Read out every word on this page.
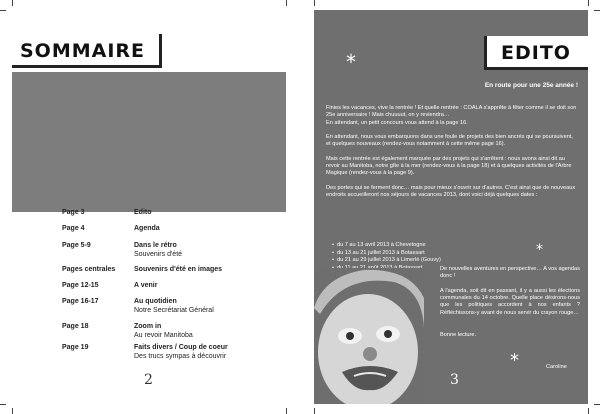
SOMMAIRE
Page 3	Edito
Page 4	Agenda
Page 5-9	Dans le rétro
Souvenirs d'été
Pages centrales	Souvenirs d'été en images
Page 12-15	A venir
Page 16-17	Au quotidien
Notre Secrétariat Général
Page 18	Zoom in
Au revoir Manitoba
Page 19	Faits divers / Coup de coeur
Des trucs sympas à découvrir
2
EDITO
*
En route pour une 25e année !

Finies les vacances, vive la rentrée ! Et quelle rentrée : COALA s'apprête à fêter comme il se doit son 25e anniversaire ! Mais chuuuut, on y reviendra…

En attendant, un petit concours vous attend à la page 16.

En attendant, nous vous embarquons dans une foule de projets des bien ancrés qui se poursuivent, et quelques nouveaux (rendez-vous notamment à cette même page 16).

Mais cette rentrée est également marquée par des projets qui s'arrêtent : nous avons ainsi dit au revoir au Manitoba, notre gîte à la mer (rendez-vous à la page 18) et à quelques activités de l'Arbre Magique (rendez-vous à la page 9).

Des portes qui se ferment donc… mais pour mieux s'ouvrir sur d'autres. C'est ainsi que de nouveaux endroits accueilleront nos séjours de vacances 2013, dont voici déjà quelques dates :

• du 7 au 13 avril 2013 à Chevetogne
• du 13 au 21 juillet 2013 à Botassart
• du 21 au 29 juillet 2013 à Limerlé (Gouvy)
•
*

De nouvelles aventures en perspective… A vos agendas donc !

A l'agenda, soit dit en passant, il y a aussi les élections communales du 14 octobre. Quelle place désirons-nous que les politiques accordent à nos enfants ? Réfléchissons-y avant de nous servir du crayon rouge…

Bonne lecture.

*	Caroline
3
